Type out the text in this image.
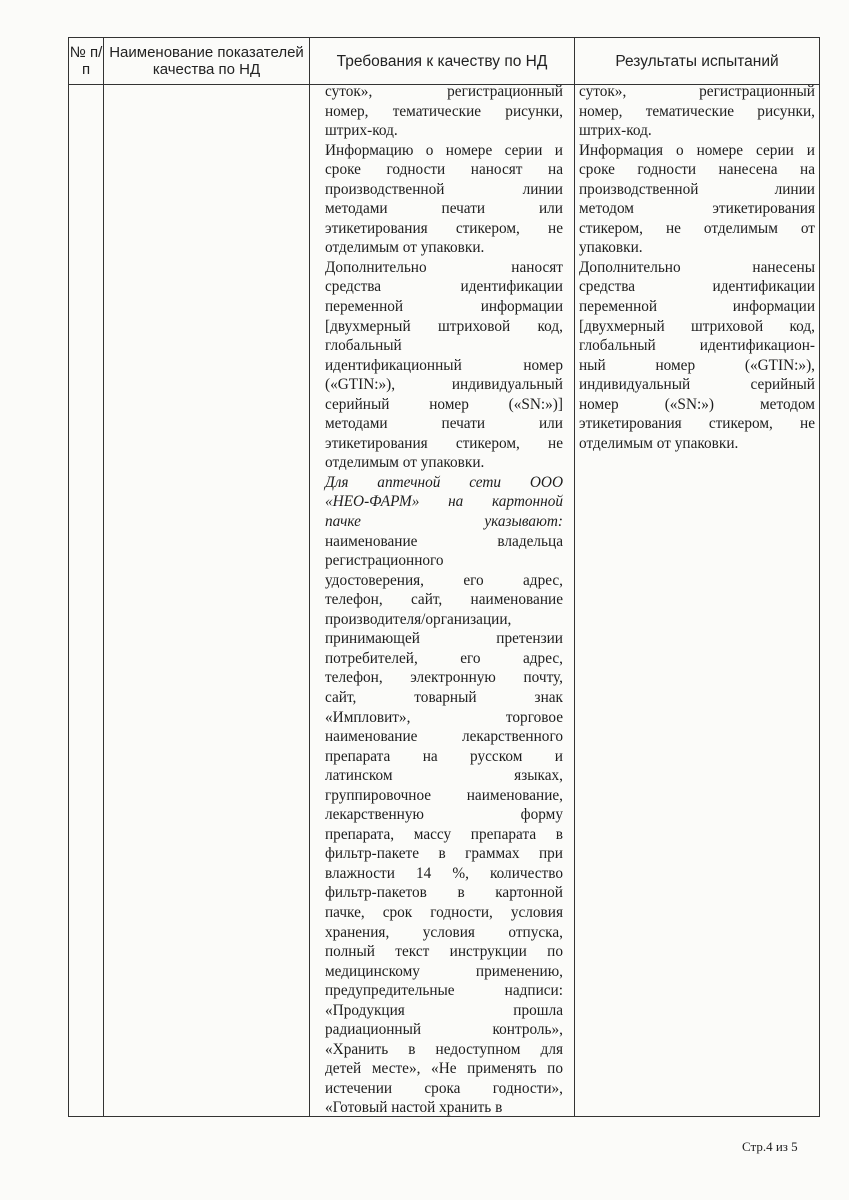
№ п/п
Наименование показателей качества по НД	Требования к качеству по НД	Результаты испытаний
суток», регистрационный
номер, тематические рисунки,
штрих-код.
Информацию о номере серии и
сроке годности наносят на
производственной линии
методами печати или
этикетирования стикером, не
отделимым от упаковки.
Дополнительно наносят
средства идентификации
переменной информации
[двухмерный штриховой код,
глобальный
идентификационный номер
(«GTIN:»), индивидуальный
серийный номер («SN:»)]
методами печати или
этикетирования стикером, не
отделимым от упаковки.
Для аптечной сети ООО
«НЕО-ФАРМ» на картонной
пачке указывают:
наименование владельца
регистрационного
удостоверения, его адрес,
телефон, сайт, наименование
производителя/организации,
принимающей претензии
потребителей, его адрес,
телефон, электронную почту,
сайт, товарный знак
«Импловит», торговое
наименование лекарственного
препарата на русском и
латинском языках,
группировочное наименование,
лекарственную форму
препарата, массу препарата в
фильтр-пакете в граммах при
влажности 14 %, количество
фильтр-пакетов в картонной
пачке, срок годности, условия
хранения, условия отпуска,
полный текст инструкции по
медицинскому применению,
предупредительные надписи:
«Продукция прошла
радиационный контроль»,
«Хранить в недоступном для
детей месте», «Не применять по
истечении срока годности»,
«Готовый настой хранить в
суток», регистрационный
номер, тематические рисунки,
штрих-код.
Информация о номере серии и
сроке годности нанесена на
производственной линии
методом этикетирования
стикером, не отделимым от
упаковки.
Дополнительно нанесены
средства идентификации
переменной информации
[двухмерный штриховой код,
глобальный идентификацион-
ный номер («GTIN:»),
индивидуальный серийный
номер («SN:») методом
этикетирования стикером, не
отделимым от упаковки.
Стр.4 из 5
